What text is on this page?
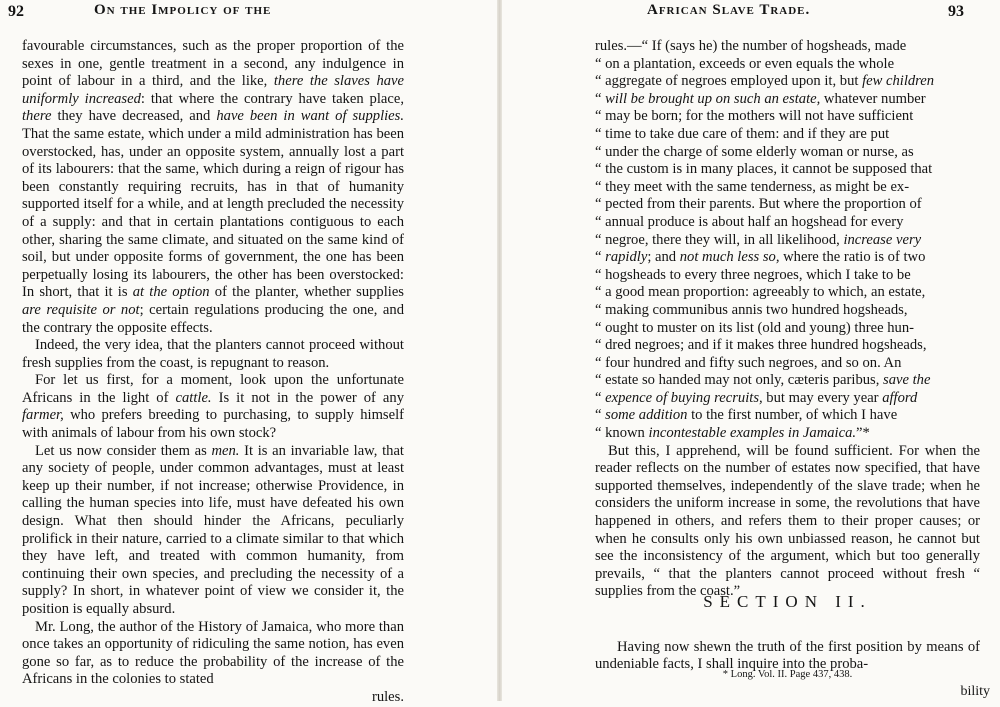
92	On the Impolicy of the

favourable circumstances, such as the proper proportion of the sexes in one, gentle treatment in a second, any indulgence in point of labour in a third, and the like, there the slaves have uniformly increased: that where the contrary have taken place, there they have decreased, and have been in want of supplies. That the same estate, which under a mild administration has been overstocked, has, under an opposite system, annually lost a part of its labourers: that the same, which during a reign of rigour has been constantly requiring recruits, has in that of humanity supported itself for a while, and at length precluded the necessity of a supply: and that in certain plantations contiguous to each other, sharing the same climate, and situated on the same kind of soil, but under opposite forms of government, the one has been perpetually losing its labourers, the other has been overstocked: In short, that it is at the option of the planter, whether supplies are requisite or not; certain regulations producing the one, and the contrary the opposite effects.

Indeed, the very idea, that the planters cannot proceed without fresh supplies from the coast, is repugnant to reason.

For let us first, for a moment, look upon the unfortunate Africans in the light of cattle. Is it not in the power of any farmer, who prefers breeding to purchasing, to supply himself with animals of labour from his own stock?

Let us now consider them as men. It is an invariable law, that any society of people, under common advantages, must at least keep up their number, if not increase; otherwise Providence, in calling the human species into life, must have defeated his own design. What then should hinder the Africans, peculiarly prolifick in their nature, carried to a climate similar to that which they have left, and treated with common humanity, from continuing their own species, and precluding the necessity of a supply? In short, in whatever point of view we consider it, the position is equally absurd.

Mr. Long, the author of the History of Jamaica, who more than once takes an opportunity of ridiculing the same notion, has even gone so far, as to reduce the probability of the increase of the Africans in the colonies to stated

rules.
African Slave Trade.	93
rules.—“ If (says he) the number of hogsheads, made
“ on a plantation, exceeds or even equals the whole
“ aggregate of negroes employed upon it, but few children
“ will be brought up on such an estate, whatever number
“ may be born; for the mothers will not have sufficient
“ time to take due care of them: and if they are put
“ under the charge of some elderly woman or nurse, as
“ the custom is in many places, it cannot be supposed that
“ they meet with the same tenderness, as might be ex-
“ pected from their parents. But where the proportion of
“ annual produce is about half an hogshead for every
“ negroe, there they will, in all likelihood, increase very
“ rapidly; and not much less so, where the ratio is of two
“ hogsheads to every three negroes, which I take to be
“ a good mean proportion: agreeably to which, an estate,
“ making communibus annis two hundred hogsheads,
“ ought to muster on its list (old and young) three hun-
“ dred negroes; and if it makes three hundred hogsheads,
“ four hundred and fifty such negroes, and so on. An
“ estate so handed may not only, cæteris paribus, save the
“ expence of buying recruits, but may every year afford
“ some addition to the first number, of which I have
“ known incontestable examples in Jamaica.”*

But this, I apprehend, will be found sufficient. For when the reader reflects on the number of estates now specified, that have supported themselves, independently of the slave trade; when he considers the uniform increase in some, the revolutions that have happened in others, and refers them to their proper causes; or when he consults only his own unbiassed reason, he cannot but see the inconsistency of the argument, which but too generally prevails, “ that the planters cannot proceed without fresh “ supplies from the coast.”

SECTION II.

Having now shewn the truth of the first position by means of undeniable facts, I shall inquire into the proba-

* Long. Vol. II. Page 437, 438.
bility
